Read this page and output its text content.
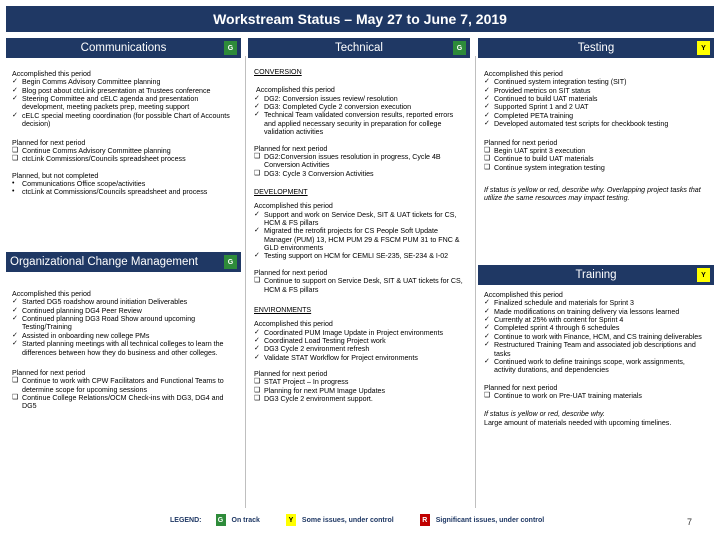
Workstream Status – May 27 to June 7, 2019
Communications	G
Accomplished this period
✓ Begin Comms Advisory Committee planning
✓ Blog post about ctcLink presentation at Trustees conference
✓ Steering Committee and cELC agenda and presentation development, meeting packets prep, meeting support
✓ cELC special meeting coordination (for possible Chart of Accounts decision)
Planned for next period
❑ Continue Comms Advisory Committee planning
❑ ctcLink Commissions/Councils spreadsheet process
Planned, but not completed
• Communications Office scope/activities
• ctcLink at Commissions/Councils spreadsheet and process
Organizational Change Management	G
Accomplished this period
✓ Started DG5 roadshow around initiation Deliverables
✓ Continued planning DG4 Peer Review
✓ Continued planning DG3 Road Show around upcoming Testing/Training
✓ Assisted in onboarding new college PMs
✓ Started planning meetings with all technical colleges to learn the differences between how they do business and other colleges.
Planned for next period
❑ Continue to work with CPW Facilitators and Functional Teams to determine scope for upcoming sessions
❑ Continue College Relations/OCM Check-ins with DG3, DG4 and DG5
Technical	G
CONVERSION
Accomplished this period
✓ DG2: Conversion issues review/ resolution
✓ DG3: Completed Cycle 2 conversion execution
✓ Technical Team validated conversion results, reported errors and applied necessary security in preparation for college validation activities
Planned for next period
❑ DG2:Conversion issues resolution in progress, Cycle 4B Conversion Activities
❑ DG3: Cycle 3 Conversion Activities
DEVELOPMENT
Accomplished this period
✓ Support and work on Service Desk, SIT & UAT tickets for CS, HCM & FS pillars
✓ Migrated the retrofit projects for CS People Soft Update Manager (PUM) 13, HCM PUM 29 & FSCM PUM 31 to FNC & GLD environments
✓ Testing support on HCM for CEMLI SE-235, SE-234 & I-02
Planned for next period
❑ Continue to support on Service Desk, SIT & UAT tickets for CS, HCM & FS pillars
ENVIRONMENTS
Accomplished this period
✓ Coordinated PUM Image Update in Project environments
✓ Coordinated Load Testing Project work
✓ DG3 Cycle 2 environment refresh
✓ Validate STAT Workflow for Project environments
Planned for next period
❑ STAT Project – In progress
❑ Planning for next PUM Image Updates
❑ DG3 Cycle 2 environment support.
Testing	Y
Accomplished this period
✓ Continued system integration testing (SIT)
✓ Provided metrics on SIT status
✓ Continued to build UAT materials
✓ Supported Sprint 1 and 2 UAT
✓ Completed PETA training
✓ Developed automated test scripts for checkbook testing
Planned for next period
❑ Begin UAT sprint 3 execution
❑ Continue to build UAT materials
❑ Continue system integration testing
If status is yellow or red, describe why. Overlapping project tasks that utilize the same resources may impact testing.
Training	Y
Accomplished this period
✓ Finalized schedule and materials for Sprint 3
✓ Made modifications on training delivery via lessons learned
✓ Currently at 25% with content for Sprint 4
✓ Completed sprint 4 through 6 schedules
✓ Continue to work with Finance, HCM, and CS training deliverables
✓ Restructured Training Team and associated job descriptions and tasks
✓ Continued work to define trainings scope, work assignments, activity durations, and dependencies
Planned for next period
❑ Continue to work on Pre-UAT training materials
If status is yellow or red, describe why.
Large amount of materials needed with upcoming timelines.
LEGEND:	G	On track	Y	Some issues, under control	R	Significant issues, under control	7
